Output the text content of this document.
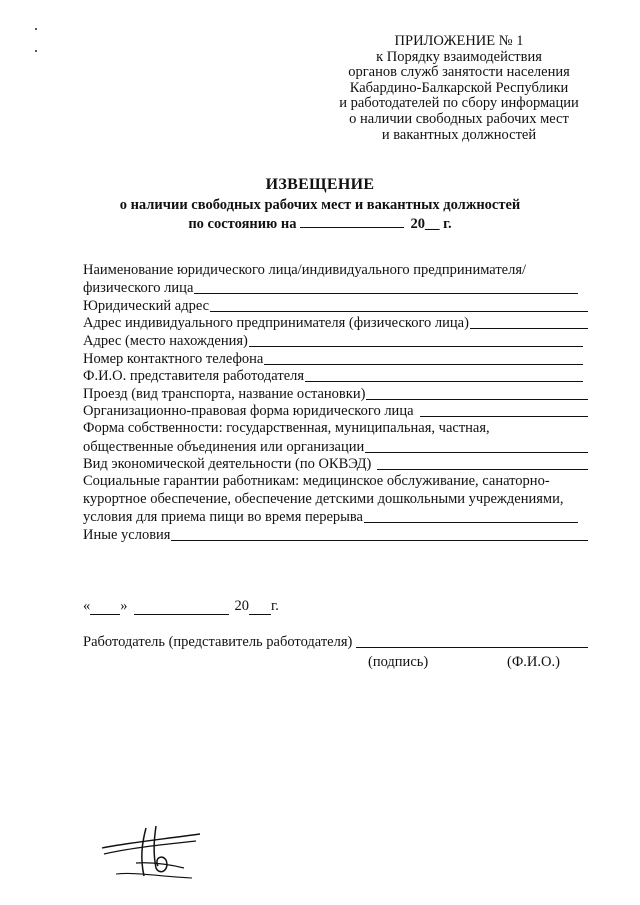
ПРИЛОЖЕНИЕ № 1
к Порядку взаимодействия
органов служб занятости населения
Кабардино-Балкарской Республики
и работодателей по сбору информации
о наличии свободных рабочих мест
и вакантных должностей
ИЗВЕЩЕНИЕ
о наличии свободных рабочих мест и вакантных должностей
по состоянию на	20__ г.
Наименование юридического лица/индивидуального предпринимателя/
физического лица
Юридический адрес
Адрес индивидуального предпринимателя (физического лица)
Адрес (место нахождения)
Номер контактного телефона
Ф.И.О. представителя работодателя
Проезд (вид транспорта, название остановки)
Организационно-правовая форма юридического лица
Форма собственности: государственная, муниципальная, частная,
общественные объединения или организации
Вид экономической деятельности (по ОКВЭД)
Социальные гарантии работникам: медицинское обслуживание, санаторно-
курортное обеспечение, обеспечение детскими дошкольными учреждениями,
условия для приема пищи во время перерыва
Иные условия
« »	20 г.
Работодатель (представитель работодателя)
(подпись)	(Ф.И.О.)
